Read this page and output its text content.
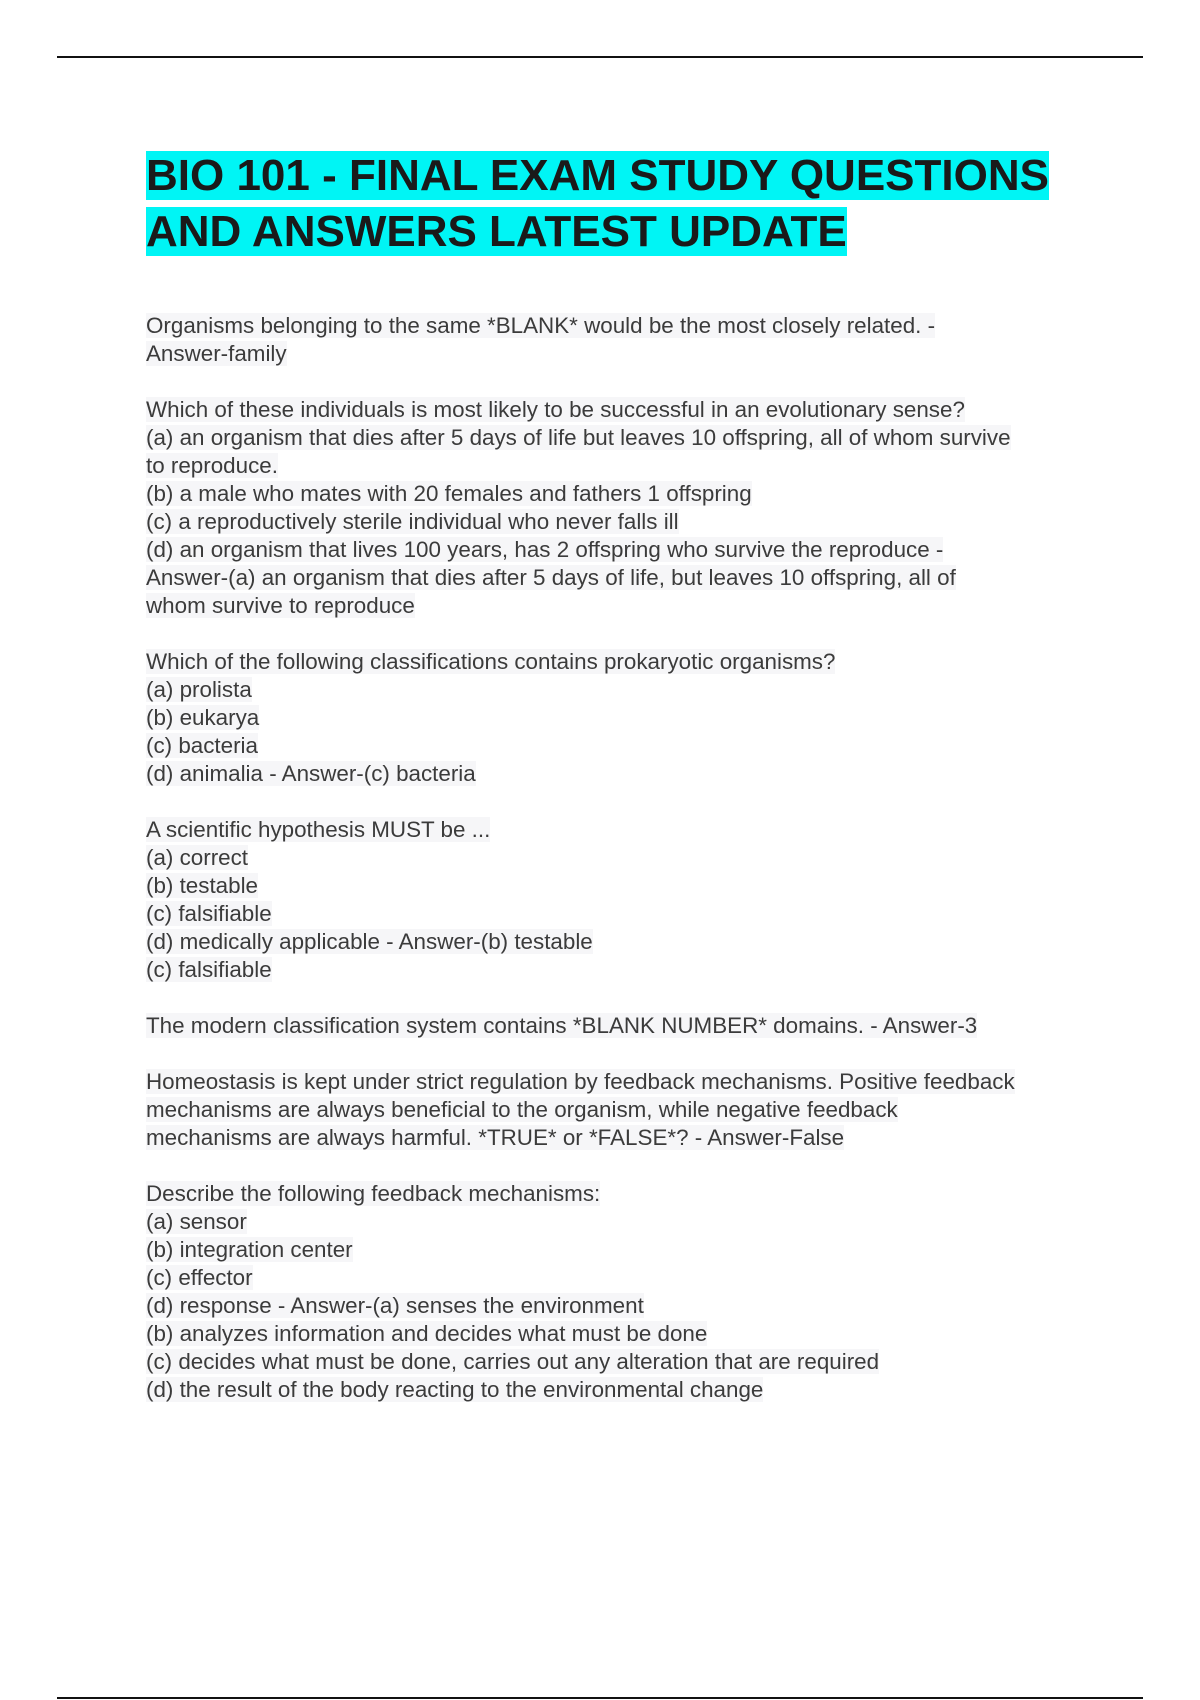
BIO 101 - FINAL EXAM STUDY QUESTIONS AND ANSWERS LATEST UPDATE
Organisms belonging to the same *BLANK* would be the most closely related. -
Answer-family
Which of these individuals is most likely to be successful in an evolutionary sense?
(a) an organism that dies after 5 days of life but leaves 10 offspring, all of whom survive
to reproduce.
(b) a male who mates with 20 females and fathers 1 offspring
(c) a reproductively sterile individual who never falls ill
(d) an organism that lives 100 years, has 2 offspring who survive the reproduce -
Answer-(a) an organism that dies after 5 days of life, but leaves 10 offspring, all of
whom survive to reproduce
Which of the following classifications contains prokaryotic organisms?
(a) prolista
(b) eukarya
(c) bacteria
(d) animalia - Answer-(c) bacteria
A scientific hypothesis MUST be ...
(a) correct
(b) testable
(c) falsifiable
(d) medically applicable - Answer-(b) testable
(c) falsifiable
The modern classification system contains *BLANK NUMBER* domains. - Answer-3
Homeostasis is kept under strict regulation by feedback mechanisms. Positive feedback
mechanisms are always beneficial to the organism, while negative feedback
mechanisms are always harmful. *TRUE* or *FALSE*? - Answer-False
Describe the following feedback mechanisms:
(a) sensor
(b) integration center
(c) effector
(d) response - Answer-(a) senses the environment
(b) analyzes information and decides what must be done
(c) decides what must be done, carries out any alteration that are required
(d) the result of the body reacting to the environmental change
